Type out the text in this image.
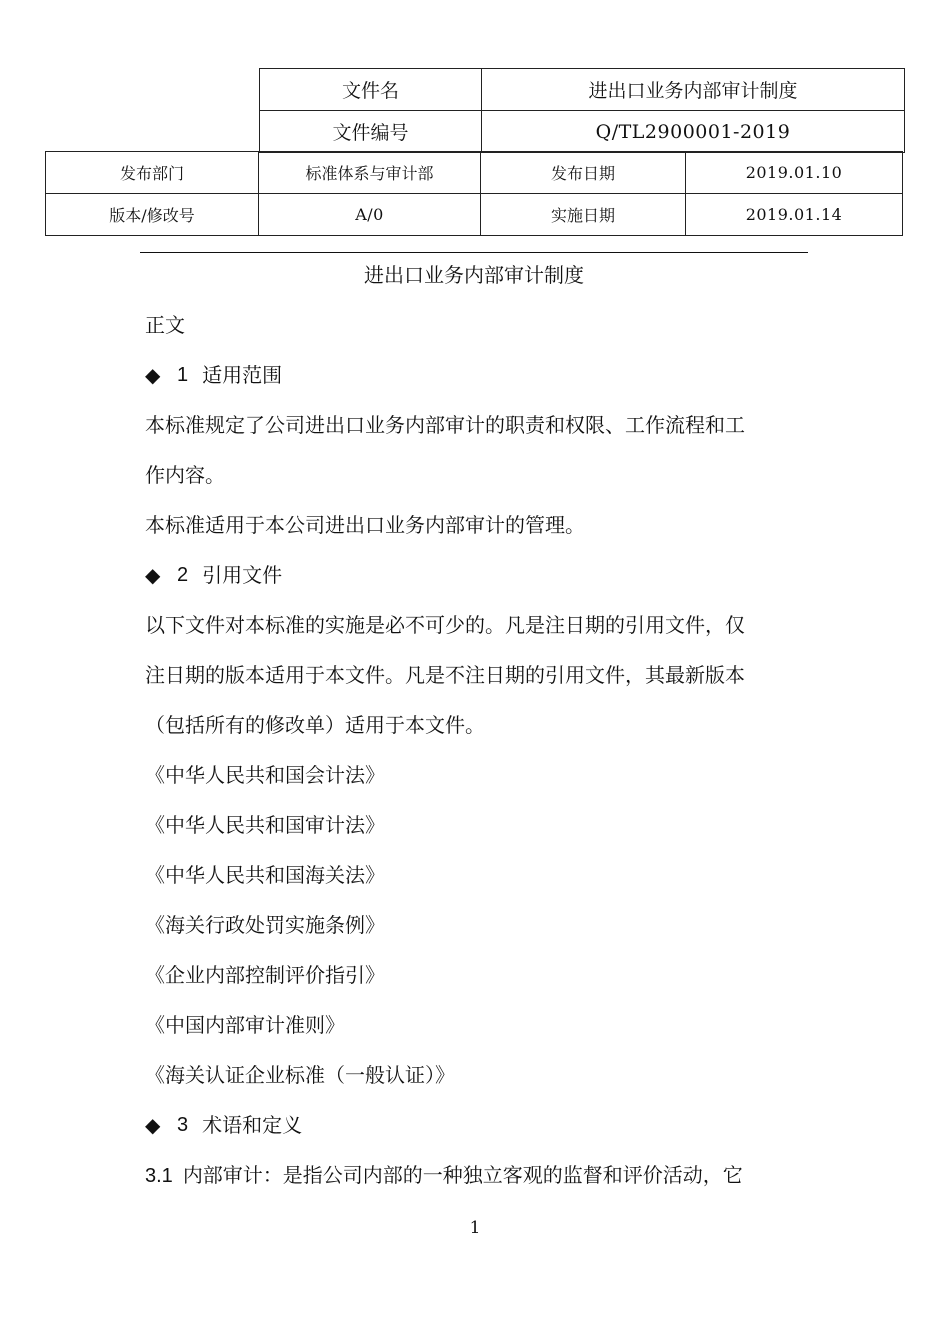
文件名	进出口业务内部审计制度
文件编号	Q/TL2900001-2019
发布部门	标准体系与审计部	发布日期	2019.01.10
版本/修改号	A/0	实施日期	2019.01.14
进出口业务内部审计制度
正文
◆ 1 适用范围
本标准规定了公司进出口业务内部审计的职责和权限、工作流程和工
作内容。
本标准适用于本公司进出口业务内部审计的管理。
◆ 2 引用文件
以下文件对本标准的实施是必不可少的。凡是注日期的引用文件，仅
注日期的版本适用于本文件。凡是不注日期的引用文件，其最新版本
（包括所有的修改单）适用于本文件。
《中华人民共和国会计法》
《中华人民共和国审计法》
《中华人民共和国海关法》
《海关行政处罚实施条例》
《企业内部控制评价指引》
《中国内部审计准则》
《海关认证企业标准（一般认证）》
◆ 3 术语和定义
3.1 内部审计：是指公司内部的一种独立客观的监督和评价活动，它
1
